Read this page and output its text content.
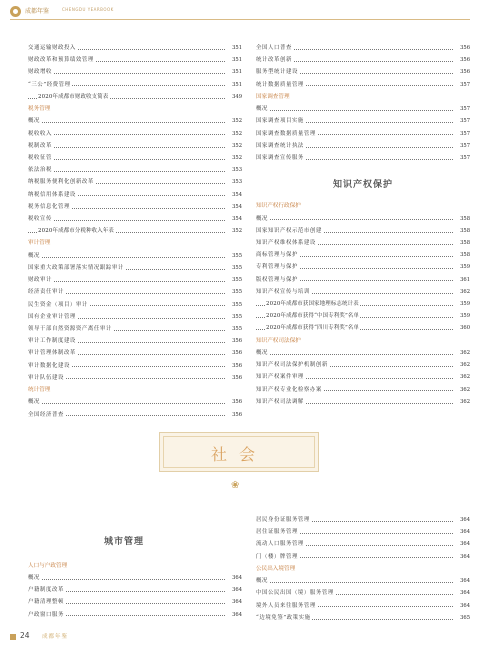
成都年鉴	CHENGDU YEARBOOK
交通运输财政投入	351
财政改革和预算绩效管理	351
财政增收	351
“三公”经费管理	351
2020年成都市财政收支简表	349
税务管理
概况	352
税收收入	352
税制改革	352
税收征管	352
依法治税	353
纳税服务便利化创新改革	353
纳税信用体系建设	354
税务信息化管理	354
税收宣传	354
2020年成都市分税种收入年表	352
审计管理
概况	355
国家重大政策部署落实情况跟踪审计	355
财政审计	355
经济责任审计	355
民生资金（项目）审计	355
国有企业审计管理	355
领导干部自然资源资产离任审计	355
审计工作制度建设	356
审计管理体制改革	356
审计数据化建设	356
审计队伍建设	356
统计管理
概况	356
全国经济普查	356
全国人口普查	356
统计改革创新	356
服务型统计建设	356
统计数据质量管理	357
国家调查管理
概况	357
国家调查项目实施	357
国家调查数据质量管理	357
国家调查统计执法	357
国家调查宣传服务	357
知识产权保护
知识产权行政保护
概况	358
国家知识产权示范市创建	358
知识产权维权体系建设	358
商标管理与保护	358
专利管理与保护	359
版权管理与保护	361
知识产权宣传与培训	362
2020年成都市获国家地理标志统计表	359
2020年成都市获得“中国专利奖”名单	359
2020年成都市获得“四川专利奖”名单	360
知识产权司法保护
概况	362
知识产权司法保护机制创新	362
知识产权案件审理	362
知识产权专业化检察办案	362
知识产权司法调解	362
社会
❀
城市管理
人口与户政管理
概况	364
户籍制度改革	364
户籍清理整顿	364
户政窗口服务	364
居民身份证服务管理	364
居住证服务管理	364
流动人口服务管理	364
门（楼）牌管理	364
公民出入境管理
概况	364
中国公民出国（境）服务管理	364
境外人员来往服务管理	364
“边境免签”政策实施	365
24 成都年鉴
